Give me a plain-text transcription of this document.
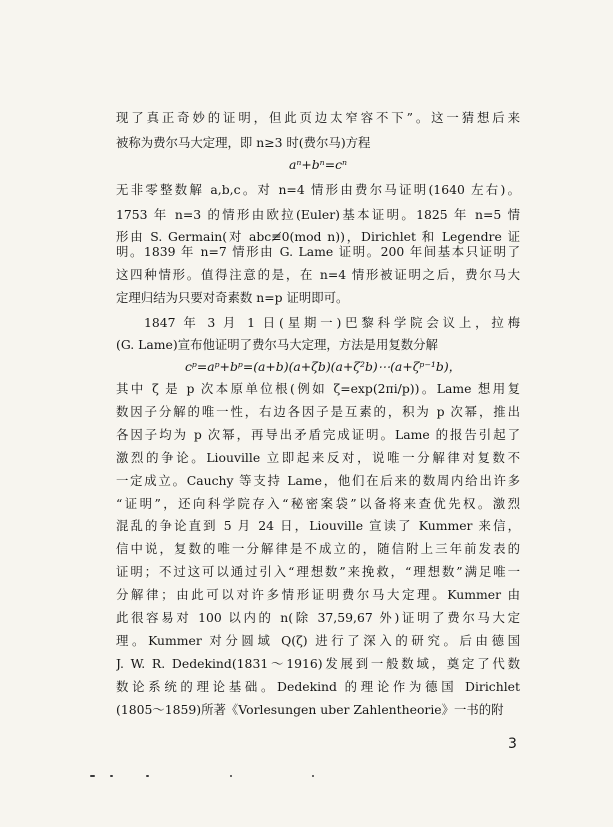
现了真正奇妙的证明，但此页边太窄容不下”。这一猜想后来
被称为费尔马大定理，即 n≥3 时(费尔马)方程
aⁿ+bⁿ=cⁿ
无非零整数解 a,b,c。对 n=4 情形由费尔马证明(1640 左右)。
1753 年 n=3 的情形由欧拉(Euler)基本证明。1825 年 n=5 情
形由 S. Germain(对 abc≢0(mod n))，Dirichlet 和 Legendre 证
明。1839 年 n=7 情形由 G. Lame 证明。200 年间基本只证明了
这四种情形。值得注意的是，在 n=4 情形被证明之后，费尔马大
定理归结为只要对奇素数 n=p 证明即可。
1847 年 3 月 1 日(星期一)巴黎科学院会议上，拉梅
(G. Lame)宣布他证明了费尔马大定理，方法是用复数分解
cᵖ=aᵖ+bᵖ=(a+b)(a+ζb)(a+ζ²b)⋯(a+ζᵖ⁻¹b)，
其中 ζ 是 p 次本原单位根(例如 ζ=exp(2πi/p))。Lame 想用复
数因子分解的唯一性，右边各因子是互素的，积为 p 次幂，推出
各因子均为 p 次幂，再导出矛盾完成证明。Lame 的报告引起了
激烈的争论。Liouville 立即起来反对，说唯一分解律对复数不
一定成立。Cauchy 等支持 Lame，他们在后来的数周内给出许多
“证明”，还向科学院存入“秘密案袋”以备将来查优先权。激烈
混乱的争论直到 5 月 24 日，Liouville 宣读了 Kummer 来信，
信中说，复数的唯一分解律是不成立的，随信附上三年前发表的
证明；不过这可以通过引入“理想数”来挽救，“理想数”满足唯一
分解律；由此可以对许多情形证明费尔马大定理。Kummer 由
此很容易对 100 以内的 n(除 37,59,67 外)证明了费尔马大定
理。Kummer 对分圆域 Q(ζ) 进行了深入的研究。后由德国
J. W. R. Dedekind(1831～1916)发展到一般数域，奠定了代数
数论系统的理论基础。Dedekind 的理论作为德国 Dirichlet
(1805～1859)所著《Vorlesungen uber Zahlentheorie》一书的附
3
